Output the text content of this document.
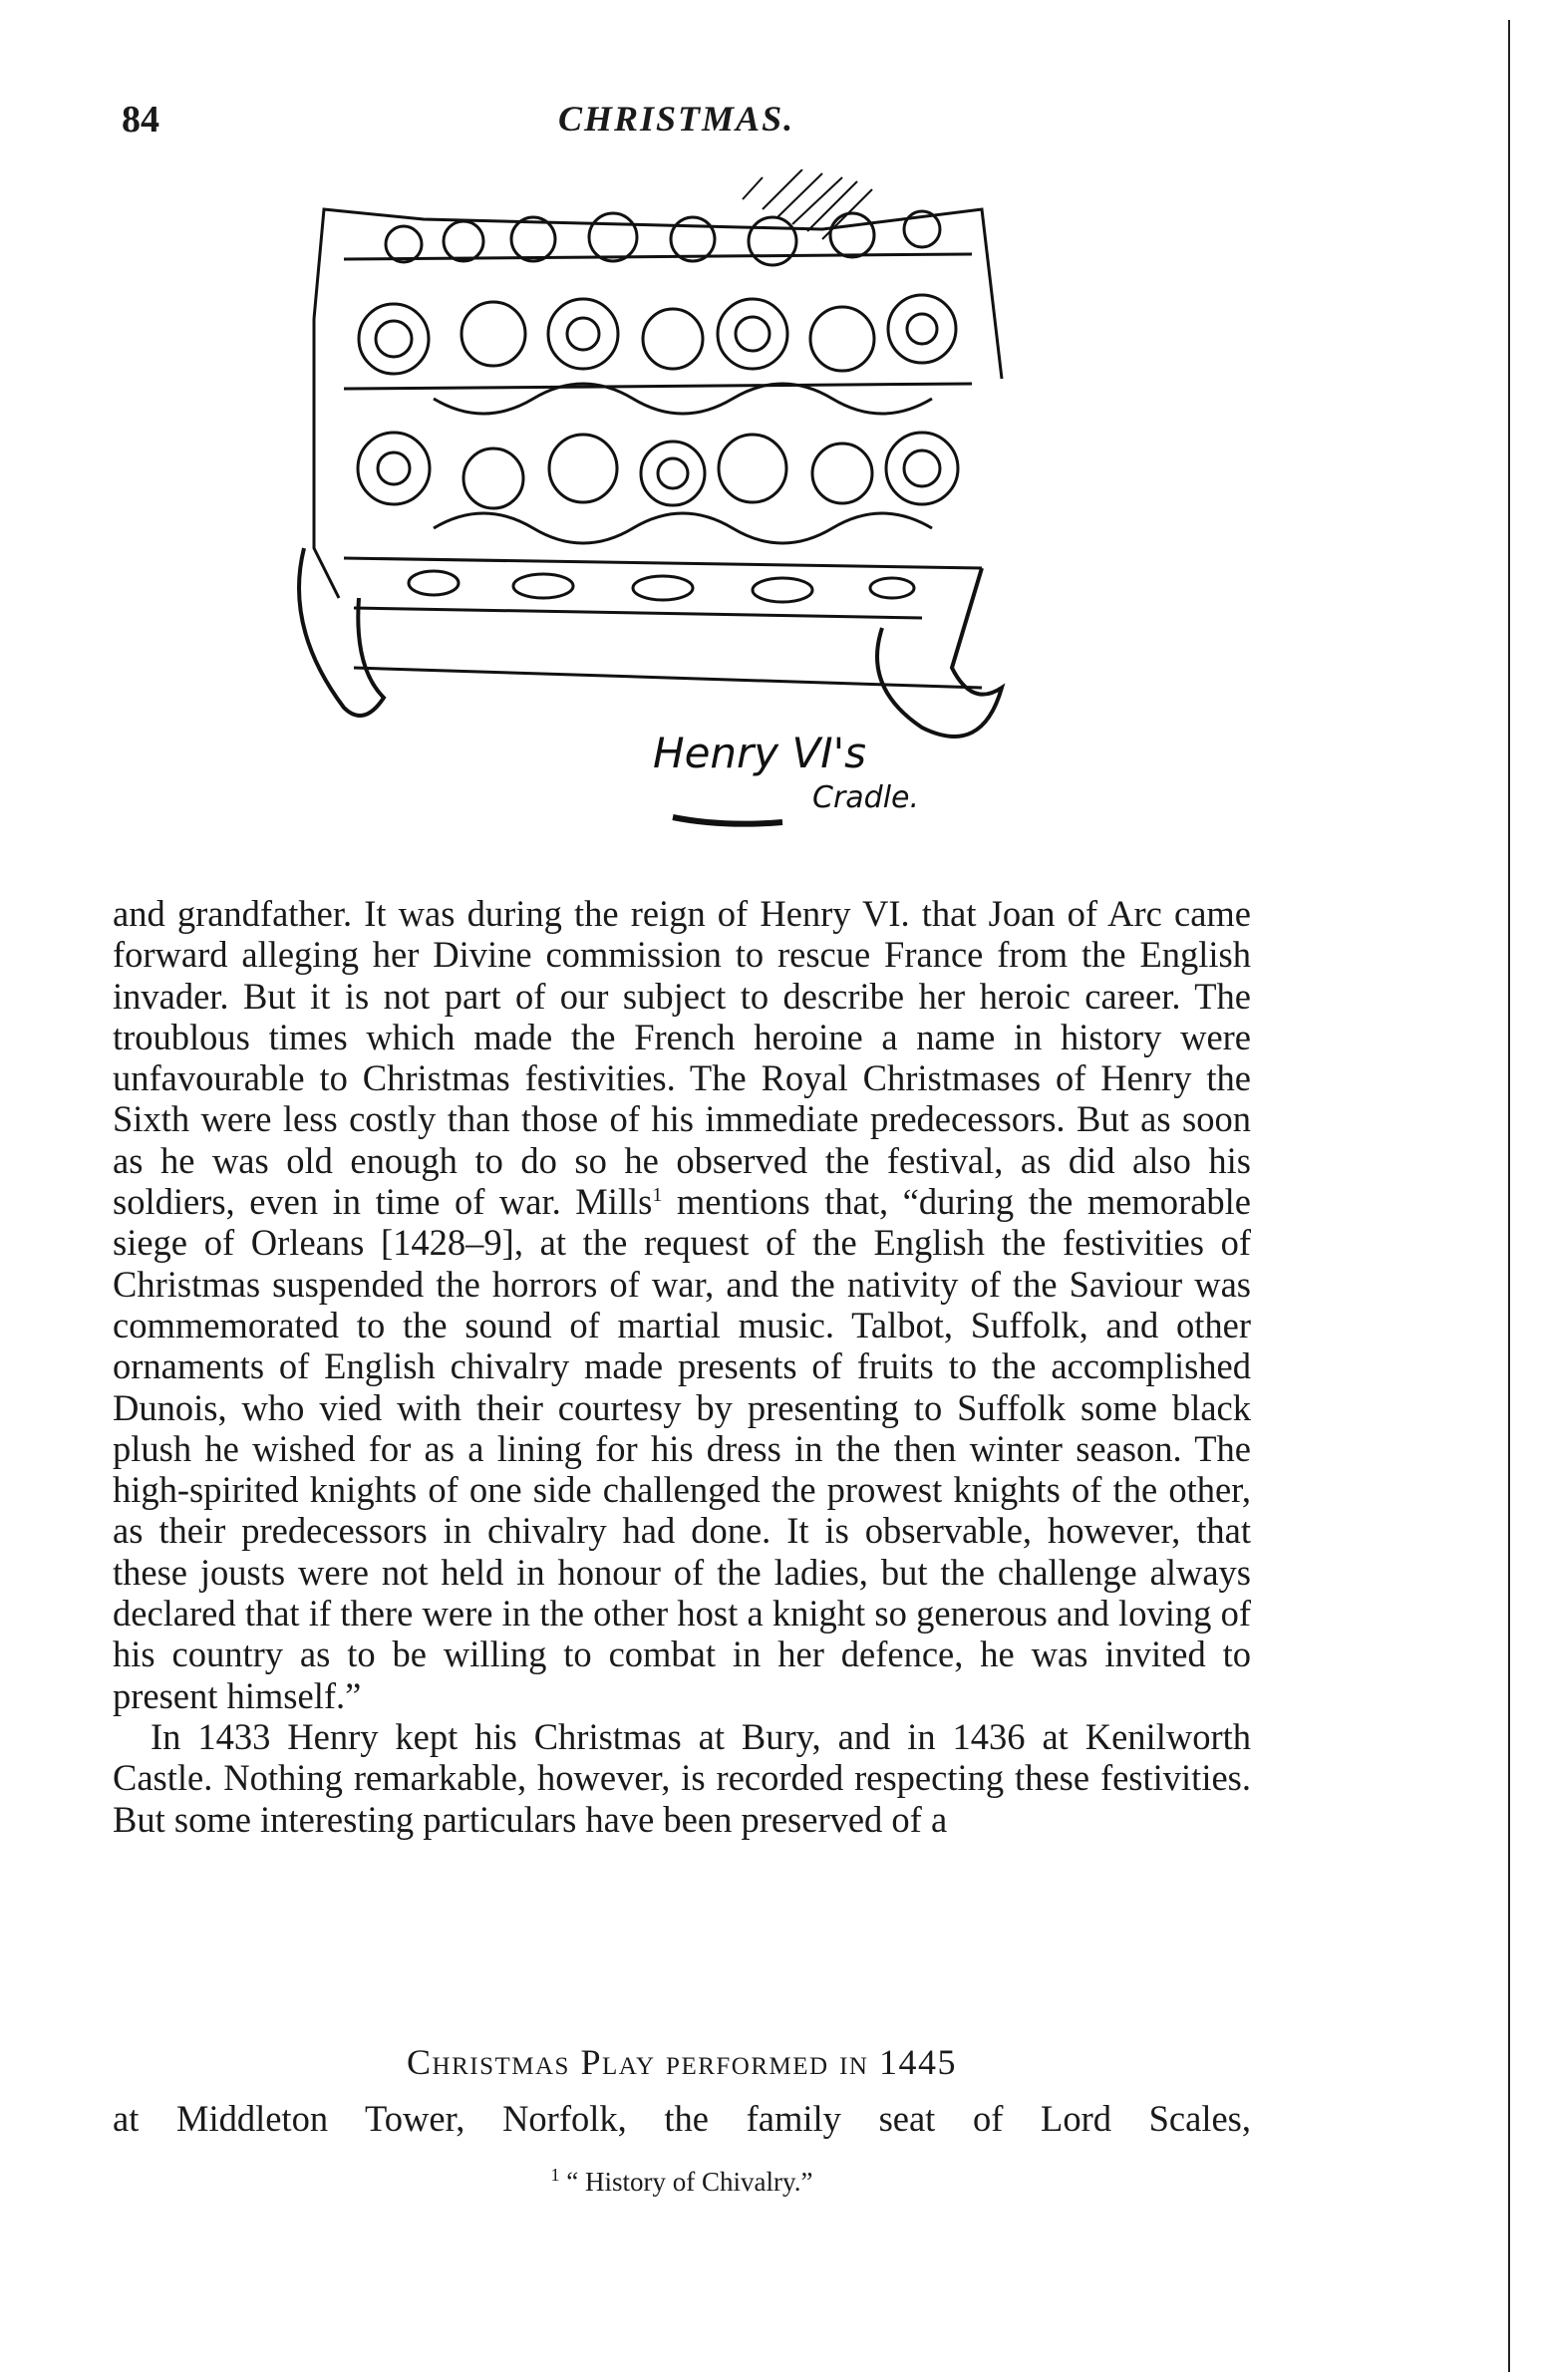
84	CHRISTMAS.
Henry VI's
Cradle.

and grandfather. It was during the reign of Henry VI. that Joan of Arc came forward alleging her Divine commission to rescue France from the English invader. But it is not part of our subject to describe her heroic career. The troublous times which made the French heroine a name in history were unfavourable to Christmas festivities. The Royal Christmases of Henry the Sixth were less costly than those of his immediate predecessors. But as soon as he was old enough to do so he observed the festival, as did also his soldiers, even in time of war. Mills$^1$ mentions that, “during the memorable siege of Orleans [1428–9], at the request of the English the festivities of Christmas suspended the horrors of war, and the nativity of the Saviour was commemorated to the sound of martial music. Talbot, Suffolk, and other ornaments of English chivalry made presents of fruits to the accomplished Dunois, who vied with their courtesy by presenting to Suffolk some black plush he wished for as a lining for his dress in the then winter season. The high-spirited knights of one side challenged the prowest knights of the other, as their predecessors in chivalry had done. It is observable, however, that these jousts were not held in honour of the ladies, but the challenge always declared that if there were in the other host a knight so generous and loving of his country as to be willing to combat in her defence, he was invited to present himself.”

In 1433 Henry kept his Christmas at Bury, and in 1436 at Kenilworth Castle. Nothing remarkable, however, is recorded respecting these festivities. But some interesting particulars have been preserved of a

Christmas Play performed in 1445
at Middleton Tower, Norfolk, the family seat of Lord Scales,
$^1$ “ History of Chivalry.”
